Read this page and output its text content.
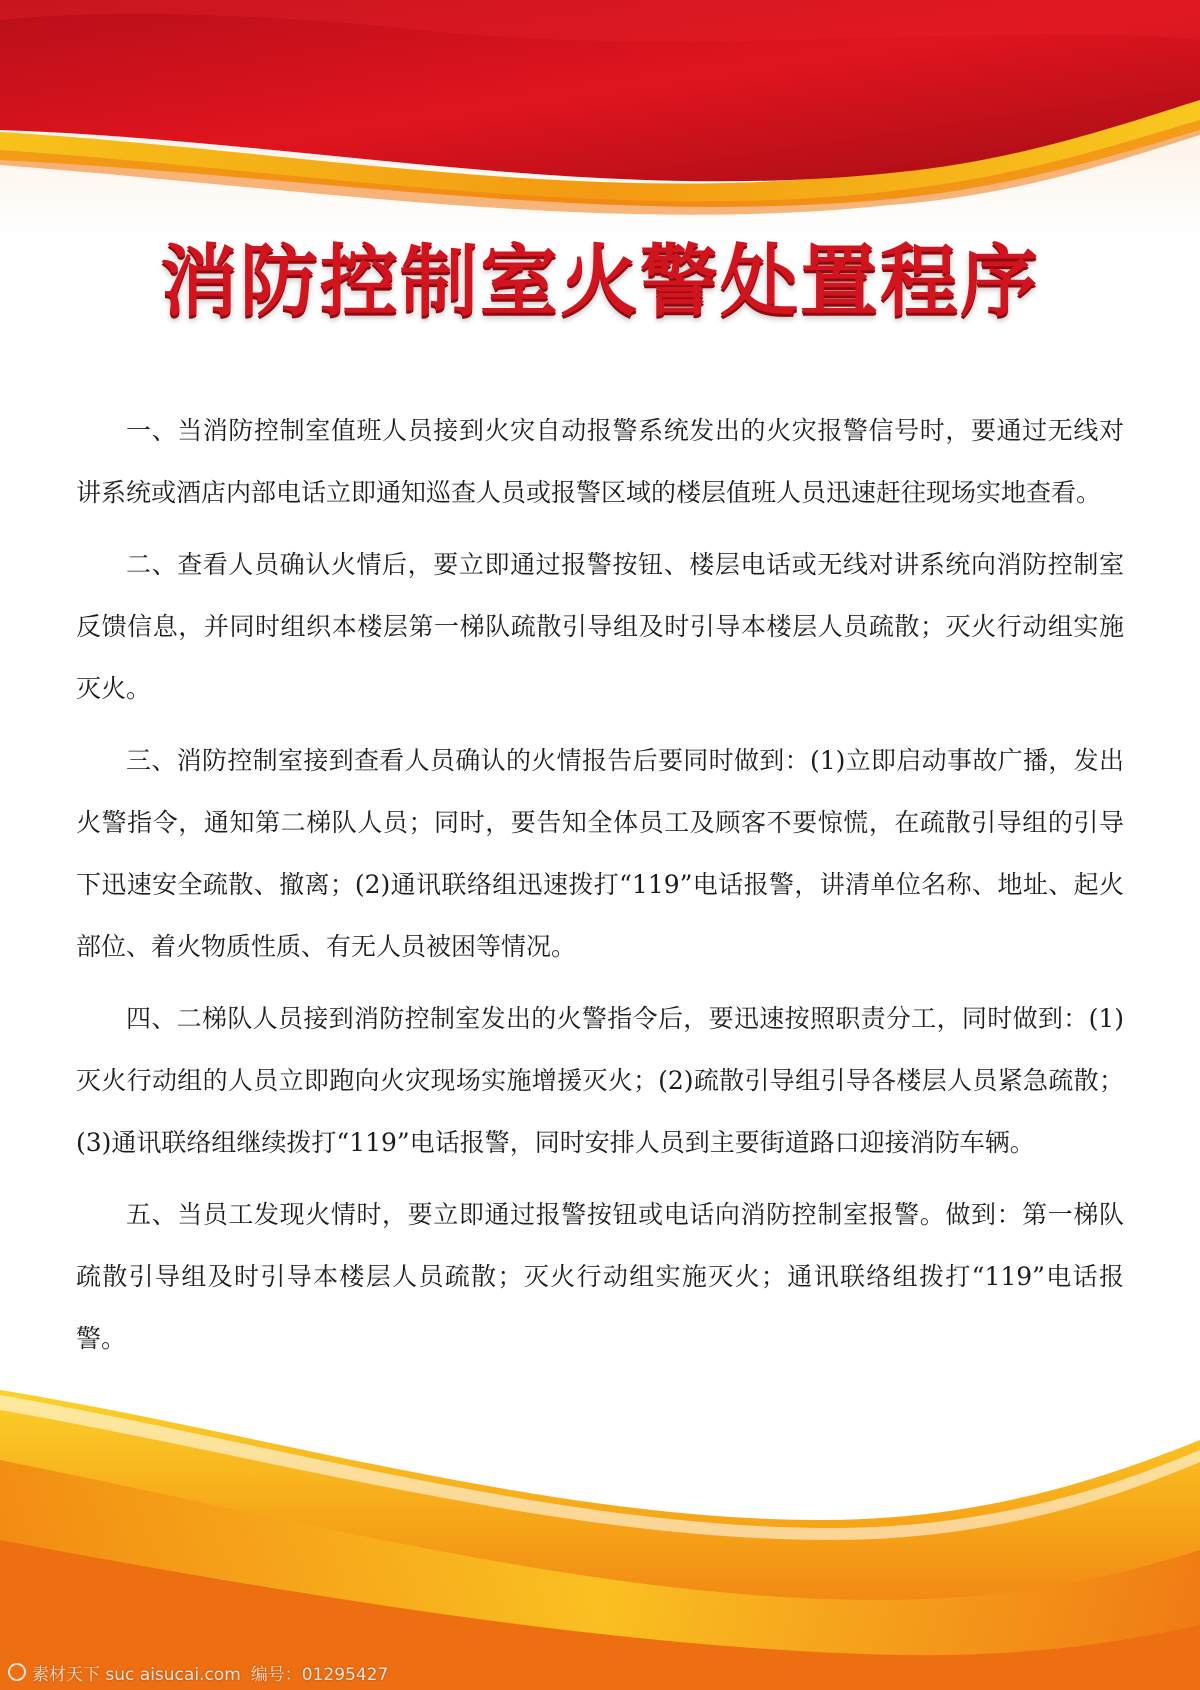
消防控制室火警处置程序

一、当消防控制室值班人员接到火灾自动报警系统发出的火灾报警信号时，要通过无线对讲系统或酒店内部电话立即通知巡查人员或报警区域的楼层值班人员迅速赶往现场实地查看。

二、查看人员确认火情后，要立即通过报警按钮、楼层电话或无线对讲系统向消防控制室反馈信息，并同时组织本楼层第一梯队疏散引导组及时引导本楼层人员疏散；灭火行动组实施灭火。

三、消防控制室接到查看人员确认的火情报告后要同时做到：(1)立即启动事故广播，发出火警指令，通知第二梯队人员；同时，要告知全体员工及顾客不要惊慌，在疏散引导组的引导下迅速安全疏散、撤离；(2)通讯联络组迅速拨打“119”电话报警，讲清单位名称、地址、起火部位、着火物质性质、有无人员被困等情况。

四、二梯队人员接到消防控制室发出的火警指令后，要迅速按照职责分工，同时做到：(1)灭火行动组的人员立即跑向火灾现场实施增援灭火；(2)疏散引导组引导各楼层人员紧急疏散；(3)通讯联络组继续拨打“119”电话报警，同时安排人员到主要街道路口迎接消防车辆。

五、当员工发现火情时，要立即通过报警按钮或电话向消防控制室报警。做到：第一梯队疏散引导组及时引导本楼层人员疏散；灭火行动组实施灭火；通讯联络组拨打“119”电话报警。

素材天下 suc aisucai.com 编号：01295427
